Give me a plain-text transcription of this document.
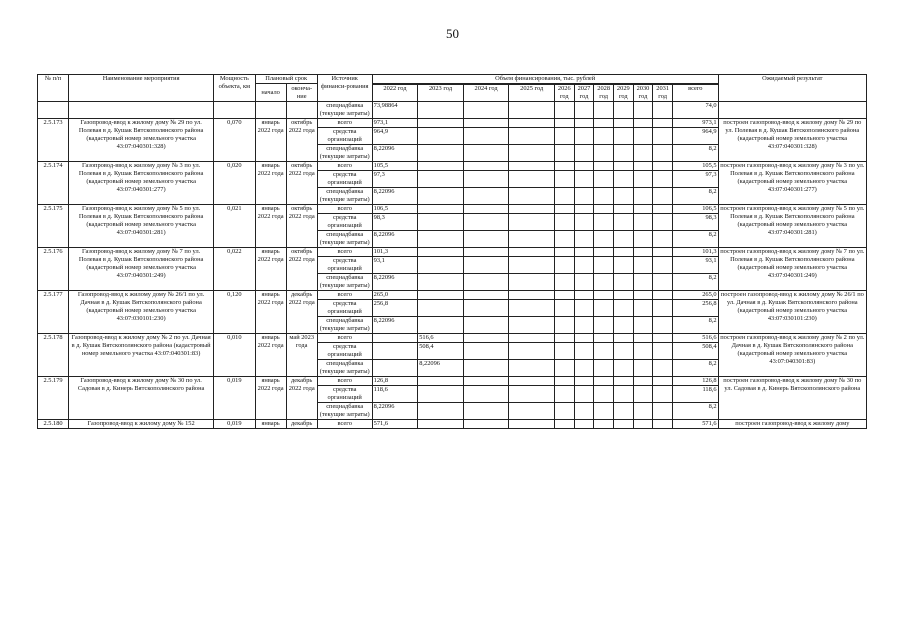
50
№ п/п	Наименование мероприятия	Мощность объекта, км	Плановый срок		Источник финанси-рования	Объем финансирования, тыс. рублей											Ожидаемый результат
			начало	оконча-ние													
						2022 год	2023 год	2024 год	2025 год	2026 год	2027 год	2028 год	2029 год	2030 год	2031 год	всего	
					спецнадбавка (текущие затраты)	73,98864										74,0	
2.5.173	Газопровод-ввод к жилому дому № 29 по ул. Полевая в д. Кушак Вятскополянского района (кадастровый номер земельного участка 43:07:040301:328)	0,070	январь 2022 года	октябрь 2022 года	всего	973,1										973,1	построен газопровод-ввод к жилому дому № 29 по ул. Полевая в д. Кушак Вятскополянского района (кадастровый номер земельного участка 43:07:040301:328)
					средства организаций	964,9										964,9	
					спецнадбавка (текущие затраты)	8,22096										8,2	
2.5.174	Газопровод-ввод к жилому дому № 3 по ул. Полевая в д. Кушак Вятскополянского района (кадастровый номер земельного участка 43:07:040301:277)	0,020	январь 2022 года	октябрь 2022 года	всего	105,5										105,5	построен газопровод-ввод к жилому дому № 3 по ул. Полевая в д. Кушак Вятскополянского района (кадастровый номер земельного участка 43:07:040301:277)
					средства организаций	97,3										97,3	
					спецнадбавка (текущие затраты)	8,22096										8,2	
2.5.175	Газопровод-ввод к жилому дому № 5 по ул. Полевая в д. Кушак Вятскополянского района (кадастровый номер земельного участка 43:07:040301:281)	0,021	январь 2022 года	октябрь 2022 года	всего	106,5										106,5	построен газопровод-ввод к жилому дому № 5 по ул. Полевая в д. Кушак Вятскополянского района (кадастровый номер земельного участка 43:07:040301:281)
					средства организаций	98,3										98,3	
					спецнадбавка (текущие затраты)	8,22096										8,2	
2.5.176	Газопровод-ввод к жилому дому № 7 по ул. Полевая в д. Кушак Вятскополянского района (кадастровый номер земельного участка 43:07:040301:249)	0,022	январь 2022 года	октябрь 2022 года	всего	101,3										101,3	построен газопровод-ввод к жилому дому № 7 по ул. Полевая в д. Кушак Вятскополянского района (кадастровый номер земельного участка 43:07:040301:249)
					средства организаций	93,1										93,1	
					спецнадбавка (текущие затраты)	8,22096										8,2	
2.5.177	Газопровод-ввод к жилому дому № 26/1 по ул. Дачная в д. Кушак Вятскополянского района (кадастровый номер земельного участка 43:07:030101:230)	0,120	январь 2022 года	декабрь 2022 года	всего	265,0										265,0	построен газопровод-ввод к жилому дому № 26/1 по ул. Дачная в д. Кушак Вятскополянского района (кадастровый номер земельного участка 43:07:030101:230)
					средства организаций	256,8										256,8	
					спецнадбавка (текущие затраты)	8,22096										8,2	
2.5.178	Газопровод-ввод к жилому дому № 2 по ул. Дачная в д. Кушак Вятскополянского района (кадастровый номер земельного участка 43:07:040301:83)	0,010	январь 2022 года	май 2023 года	всего		516,6									516,6	построен газопровод-ввод к жилому дому № 2 по ул. Дачная в д. Кушак Вятскополянского района (кадастровый номер земельного участка 43:07:040301:83)
					средства организаций		508,4									508,4	
					спецнадбавка (текущие затраты)		8,22096									8,2	
2.5.179	Газопровод-ввод к жилому дому № 30 по ул. Садовая в д. Кинерь Вятскополянского района	0,019	январь 2022 года	декабрь 2022 года	всего	126,8										126,8	построен газопровод-ввод к жилому дому № 30 по ул. Садовая в д. Кинерь Вятскополянского района
					средства организаций	118,6										118,6	
					спецнадбавка (текущие затраты)	8,22096										8,2	
2.5.180	Газопровод-ввод к жилому дому № 152	0,019	январь	декабрь	всего	571,6										571,6	построен газопровод-ввод к жилому дому
